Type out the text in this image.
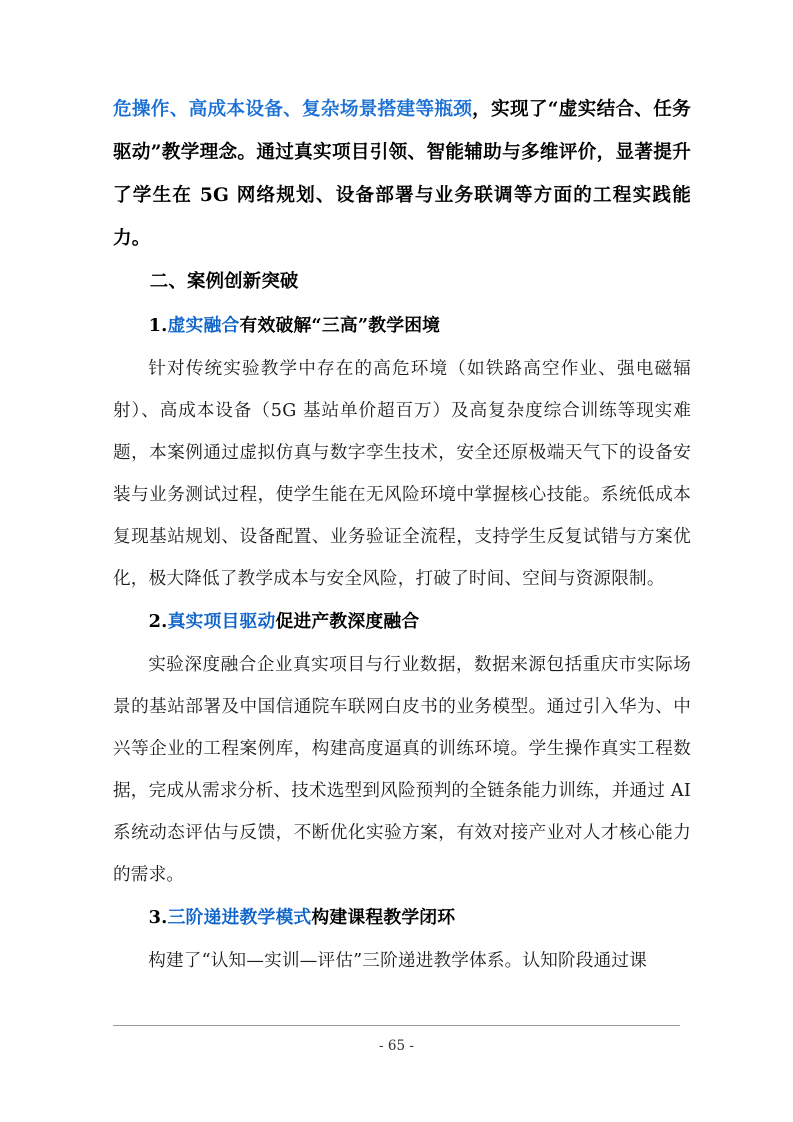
危操作、高成本设备、复杂场景搭建等瓶颈，实现了“虚实结合、任务驱动”教学理念。通过真实项目引领、智能辅助与多维评价，显著提升了学生在 5G 网络规划、设备部署与业务联调等方面的工程实践能力。

二、案例创新突破

1.虚实融合有效破解“三高”教学困境

针对传统实验教学中存在的高危环境（如铁路高空作业、强电磁辐射）、高成本设备（5G 基站单价超百万）及高复杂度综合训练等现实难题，本案例通过虚拟仿真与数字孪生技术，安全还原极端天气下的设备安装与业务测试过程，使学生能在无风险环境中掌握核心技能。系统低成本复现基站规划、设备配置、业务验证全流程，支持学生反复试错与方案优化，极大降低了教学成本与安全风险，打破了时间、空间与资源限制。

2.真实项目驱动促进产教深度融合

实验深度融合企业真实项目与行业数据，数据来源包括重庆市实际场景的基站部署及中国信通院车联网白皮书的业务模型。通过引入华为、中兴等企业的工程案例库，构建高度逼真的训练环境。学生操作真实工程数据，完成从需求分析、技术选型到风险预判的全链条能力训练，并通过 AI 系统动态评估与反馈，不断优化实验方案，有效对接产业对人才核心能力的需求。

3.三阶递进教学模式构建课程教学闭环

构建了“认知—实训—评估”三阶递进教学体系。认知阶段通过课

- 65 -
